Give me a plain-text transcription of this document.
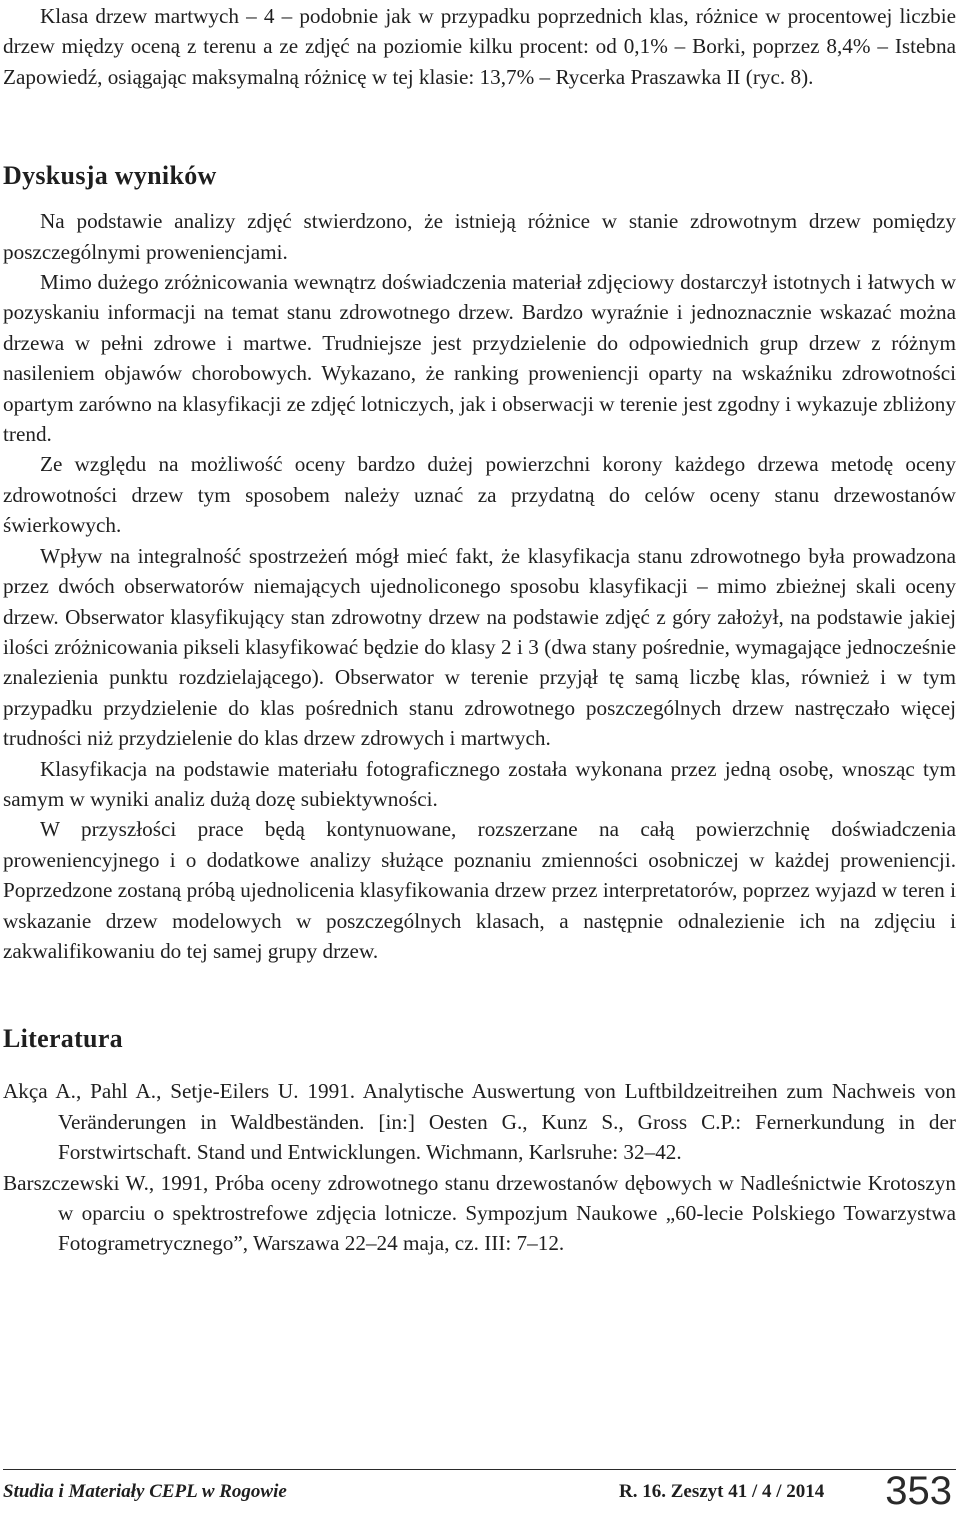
Klasa drzew martwych – 4 – podobnie jak w przypadku poprzednich klas, różnice w procentowej liczbie drzew między oceną z terenu a ze zdjęć na poziomie kilku procent: od 0,1% – Borki, poprzez 8,4% – Istebna Zapowiedź, osiągając maksymalną różnicę w tej klasie: 13,7% – Rycerka Praszawka II (ryc. 8).

Dyskusja wyników

Na podstawie analizy zdjęć stwierdzono, że istnieją różnice w stanie zdrowotnym drzew pomiędzy poszczególnymi proweniencjami.

Mimo dużego zróżnicowania wewnątrz doświadczenia materiał zdjęciowy dostarczył istotnych i łatwych w pozyskaniu informacji na temat stanu zdrowotnego drzew. Bardzo wyraźnie i jednoznacznie wskazać można drzewa w pełni zdrowe i martwe. Trudniejsze jest przydzielenie do odpowiednich grup drzew z różnym nasileniem objawów chorobowych. Wykazano, że ranking proweniencji oparty na wskaźniku zdrowotności opartym zarówno na klasyfikacji ze zdjęć lotniczych, jak i obserwacji w terenie jest zgodny i wykazuje zbliżony trend.

Ze względu na możliwość oceny bardzo dużej powierzchni korony każdego drzewa metodę oceny zdrowotności drzew tym sposobem należy uznać za przydatną do celów oceny stanu drzewostanów świerkowych.

Wpływ na integralność spostrzeżeń mógł mieć fakt, że klasyfikacja stanu zdrowotnego była prowadzona przez dwóch obserwatorów niemających ujednoliconego sposobu klasyfikacji – mimo zbieżnej skali oceny drzew. Obserwator klasyfikujący stan zdrowotny drzew na podstawie zdjęć z góry założył, na podstawie jakiej ilości zróżnicowania pikseli klasyfikować będzie do klasy 2 i 3 (dwa stany pośrednie, wymagające jednocześnie znalezienia punktu rozdzielającego). Obserwator w terenie przyjął tę samą liczbę klas, również i w tym przypadku przydzielenie do klas pośrednich stanu zdrowotnego poszczególnych drzew nastręczało więcej trudności niż przydzielenie do klas drzew zdrowych i martwych.

Klasyfikacja na podstawie materiału fotograficznego została wykonana przez jedną osobę, wnosząc tym samym w wyniki analiz dużą dozę subiektywności.

W przyszłości prace będą kontynuowane, rozszerzane na całą powierzchnię doświadczenia proweniencyjnego i o dodatkowe analizy służące poznaniu zmienności osobniczej w każdej proweniencji. Poprzedzone zostaną próbą ujednolicenia klasyfikowania drzew przez interpretatorów, poprzez wyjazd w teren i wskazanie drzew modelowych w poszczególnych klasach, a następnie odnalezienie ich na zdjęciu i zakwalifikowaniu do tej samej grupy drzew.

Literatura

Akça A., Pahl A., Setje-Eilers U. 1991. Analytische Auswertung von Luftbildzeitreihen zum Nachweis von Veränderungen in Waldbeständen. [in:] Oesten G., Kunz S., Gross C.P.: Fernerkundung in der Forstwirtschaft. Stand und Entwicklungen. Wichmann, Karlsruhe: 32–42.

Barszczewski W., 1991, Próba oceny zdrowotnego stanu drzewostanów dębowych w Nadleśnictwie Krotoszyn w oparciu o spektrostrefowe zdjęcia lotnicze. Sympozjum Naukowe „60-lecie Polskiego Towarzystwa Fotogrametrycznego”, Warszawa 22–24 maja, cz. III: 7–12.

Studia i Materiały CEPL w Rogowie	R. 16. Zeszyt 41 / 4 / 2014 353
